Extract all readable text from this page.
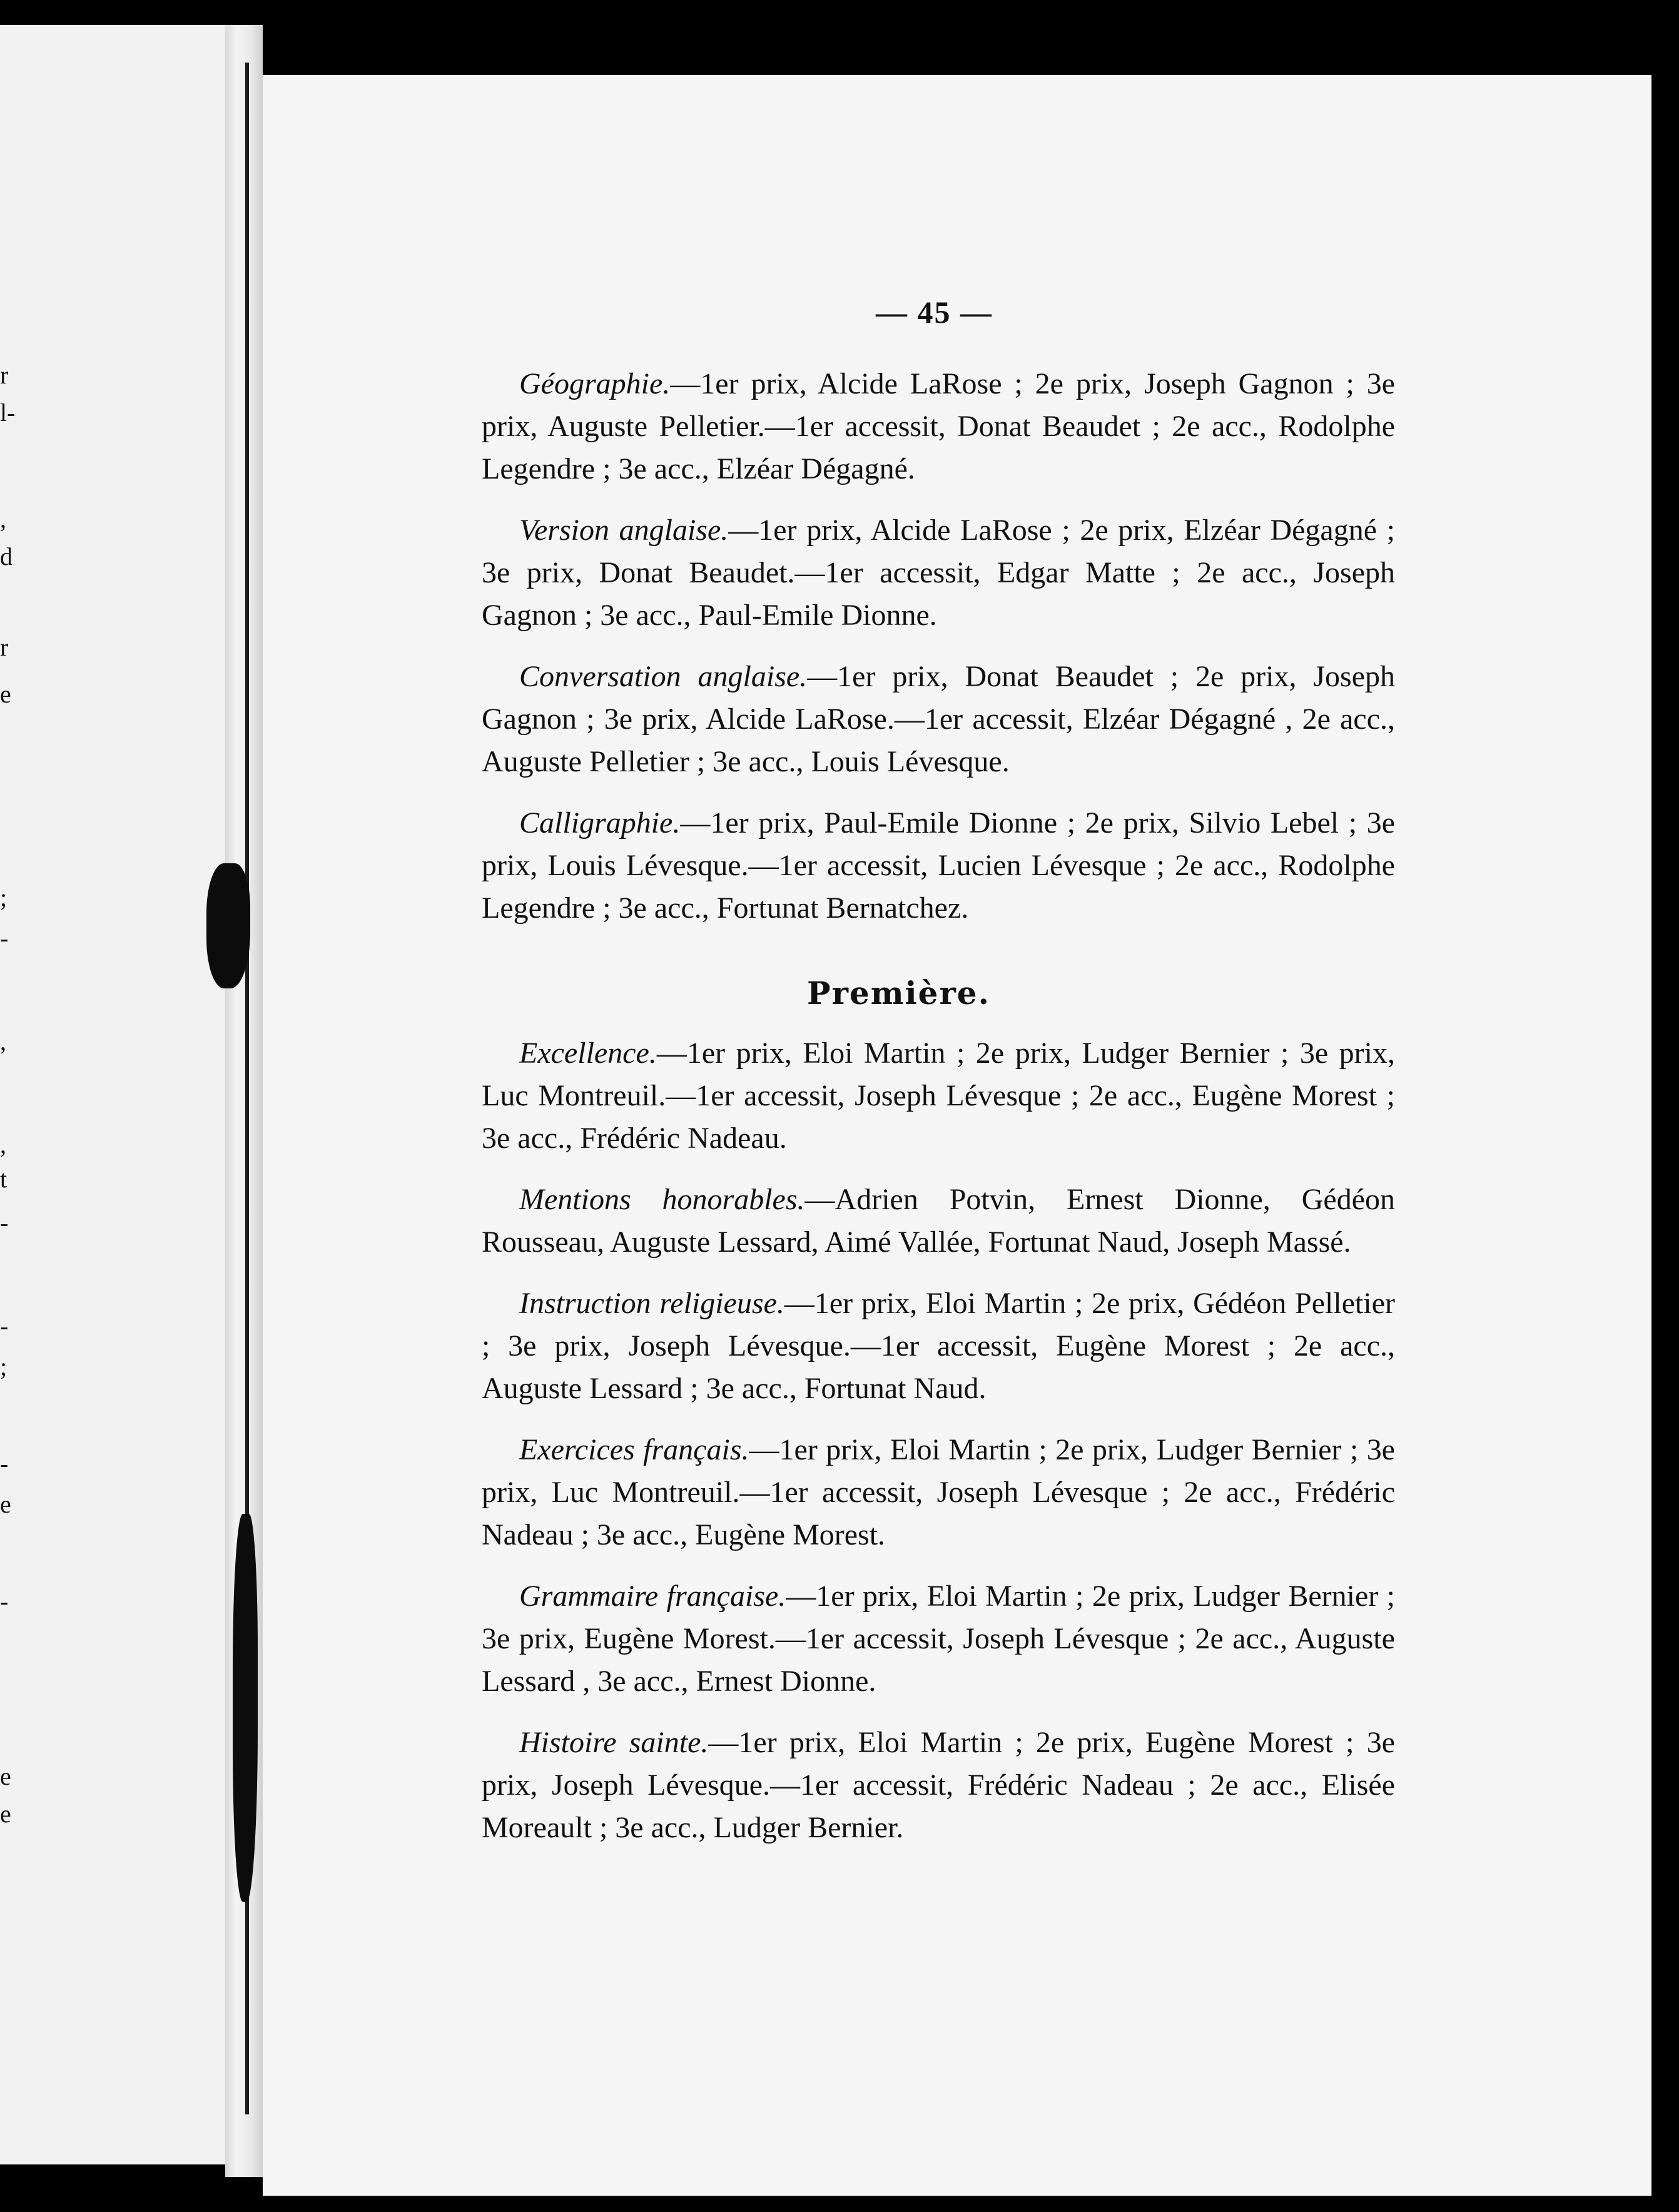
r
l-
,
d
r
e
;
-
,
,
t
-
-
;
-
e
-
e
e
— 45 —

Géographie.—1er prix, Alcide LaRose ; 2e prix, Joseph Gagnon ; 3e prix, Auguste Pelletier.—1er accessit, Donat Beaudet ; 2e acc., Rodolphe Legendre ; 3e acc., Elzéar Dégagné.

Version anglaise.—1er prix, Alcide LaRose ; 2e prix, Elzéar Dégagné ; 3e prix, Donat Beaudet.—1er accessit, Edgar Matte ; 2e acc., Joseph Gagnon ; 3e acc., Paul-Emile Dionne.

Conversation anglaise.—1er prix, Donat Beaudet ; 2e prix, Joseph Gagnon ; 3e prix, Alcide LaRose.—1er accessit, Elzéar Dégagné , 2e acc., Auguste Pelletier ; 3e acc., Louis Lévesque.

Calligraphie.—1er prix, Paul-Emile Dionne ; 2e prix, Silvio Lebel ; 3e prix, Louis Lévesque.—1er accessit, Lucien Lévesque ; 2e acc., Rodolphe Legendre ; 3e acc., Fortunat Bernatchez.

Première.

Excellence.—1er prix, Eloi Martin ; 2e prix, Ludger Bernier ; 3e prix, Luc Montreuil.—1er accessit, Joseph Lévesque ; 2e acc., Eugène Morest ; 3e acc., Frédéric Nadeau.

Mentions honorables.—Adrien Potvin, Ernest Dionne, Gédéon Rousseau, Auguste Lessard, Aimé Vallée, Fortunat Naud, Joseph Massé.

Instruction religieuse.—1er prix, Eloi Martin ; 2e prix, Gédéon Pelletier ; 3e prix, Joseph Lévesque.—1er accessit, Eugène Morest ; 2e acc., Auguste Lessard ; 3e acc., Fortunat Naud.

Exercices français.—1er prix, Eloi Martin ; 2e prix, Ludger Bernier ; 3e prix, Luc Montreuil.—1er accessit, Joseph Lévesque ; 2e acc., Frédéric Nadeau ; 3e acc., Eugène Morest.

Grammaire française.—1er prix, Eloi Martin ; 2e prix, Ludger Bernier ; 3e prix, Eugène Morest.—1er accessit, Joseph Lévesque ; 2e acc., Auguste Lessard , 3e acc., Ernest Dionne.

Histoire sainte.—1er prix, Eloi Martin ; 2e prix, Eugène Morest ; 3e prix, Joseph Lévesque.—1er accessit, Frédéric Nadeau ; 2e acc., Elisée Moreault ; 3e acc., Ludger Bernier.
